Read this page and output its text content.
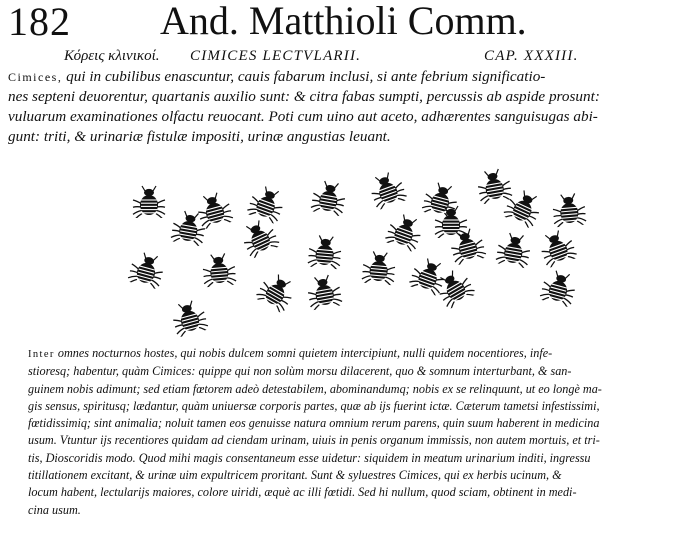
182 And. Matthioli Comm.
Κόρεις κλινικοί. CIMICES LECTVLARII.	CAP. XXXIII.
Cimices, qui in cubilibus enascuntur, cauis fabarum inclusi, si ante febrium significatio-
nes septeni deuorentur, quartanis auxilio sunt: & citra fabas sumpti, percussis ab aspide prosunt:
vuluarum examinationes olfactu reuocant. Poti cum uino aut aceto, adhærentes sanguisugas abi-
gunt: triti, & urinariæ fistulæ impositi, urinæ angustias leuant.
Inter omnes nocturnos hostes, qui nobis dulcem somni quietem intercipiunt, nulli quidem nocentiores, infe-
stioresq; habentur, quàm Cimices: quippe qui non solùm morsu dilacerent, quo & somnum interturbant, & san-
guinem nobis adimunt; sed etiam fœtorem adeò detestabilem, abominandumq; nobis ex se relinquunt, ut eo longè ma-
gis sensus, spiritusq; lædantur, quàm uniuersæ corporis partes, quæ ab ijs fuerint ictæ. Cæterum tametsi infestissimi,
fœtidissimiq; sint animalia; noluit tamen eos genuisse natura omnium rerum parens, quin suum haberent in medicina
usum. Vtuntur ijs recentiores quidam ad ciendam urinam, uiuis in penis organum immissis, non autem mortuis, et tri-
tis, Dioscoridis modo. Quod mihi magis consentaneum esse uidetur: siquidem in meatum urinarium inditi, ingressu
titillationem excitant, & urinæ uim expultricem proritant. Sunt & syluestres Cimices, qui ex herbis ucinum, &
locum habent, lectularijs maiores, colore uiridi, æquè ac illi fœtidi. Sed hi nullum, quod sciam, obtinent in medi-
cina usum.
